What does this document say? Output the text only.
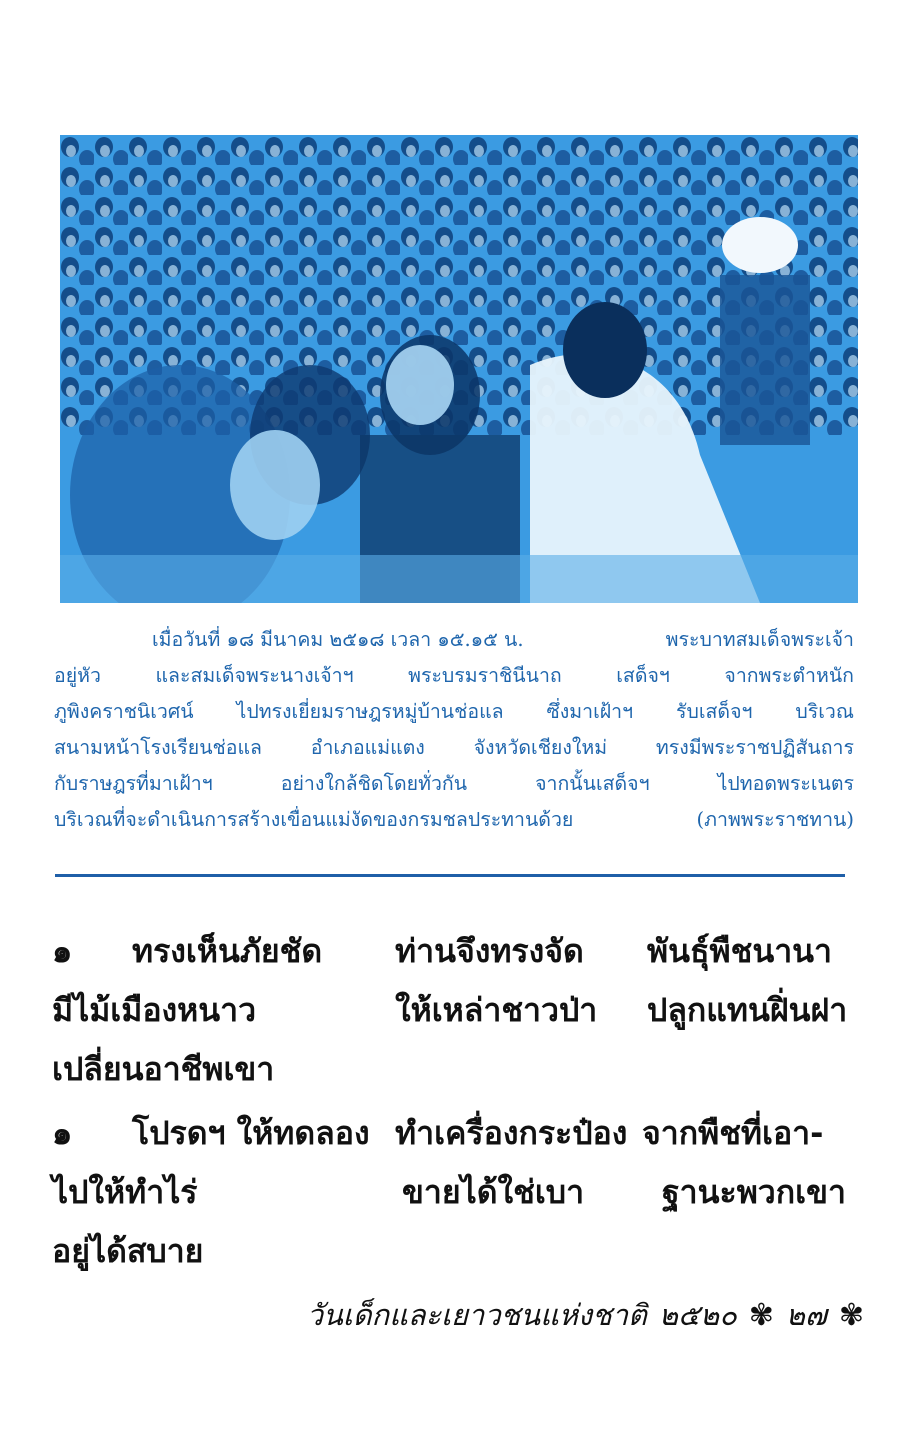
เมื่อวันที่ ๑๘ มีนาคม ๒๕๑๘ เวลา ๑๕.๑๕ น.	พระบาทสมเด็จพระเจ้า
อยู่หัว	และสมเด็จพระนางเจ้าฯ	พระบรมราชินีนาถ	เสด็จฯ	จากพระตำหนัก
ภูพิงคราชนิเวศน์ ไปทรงเยี่ยมราษฎรหมู่บ้านช่อแล ซึ่งมาเฝ้าฯ รับเสด็จฯ บริเวณ
สนามหน้าโรงเรียนช่อแล	อำเภอแม่แตง	จังหวัดเชียงใหม่	ทรงมีพระราชปฏิสันถาร
กับราษฎรที่มาเฝ้าฯ	อย่างใกล้ชิดโดยทั่วกัน	จากนั้นเสด็จฯ	ไปทอดพระเนตร
บริเวณที่จะดำเนินการสร้างเขื่อนแม่งัดของกรมชลประทานด้วย	(ภาพพระราชทาน)
๑ ทรงเห็นภัยชัด ท่านจึงทรงจัด พันธุ์พืชนานา
มีไม้เมืองหนาว	ให้เหล่าชาวป่า ปลูกแทนฝิ่นฝา
เปลี่ยนอาชีพเขา
๑ โปรดฯ ให้ทดลอง ทำเครื่องกระป๋อง จากพืชที่เอา-
ไปให้ทำไร่	ขายได้ใช่เบา ฐานะพวกเขา
อยู่ได้สบาย
วันเด็กและเยาวชนแห่งชาติ ๒๕๒๐ ✾ ๒๗ ✾
